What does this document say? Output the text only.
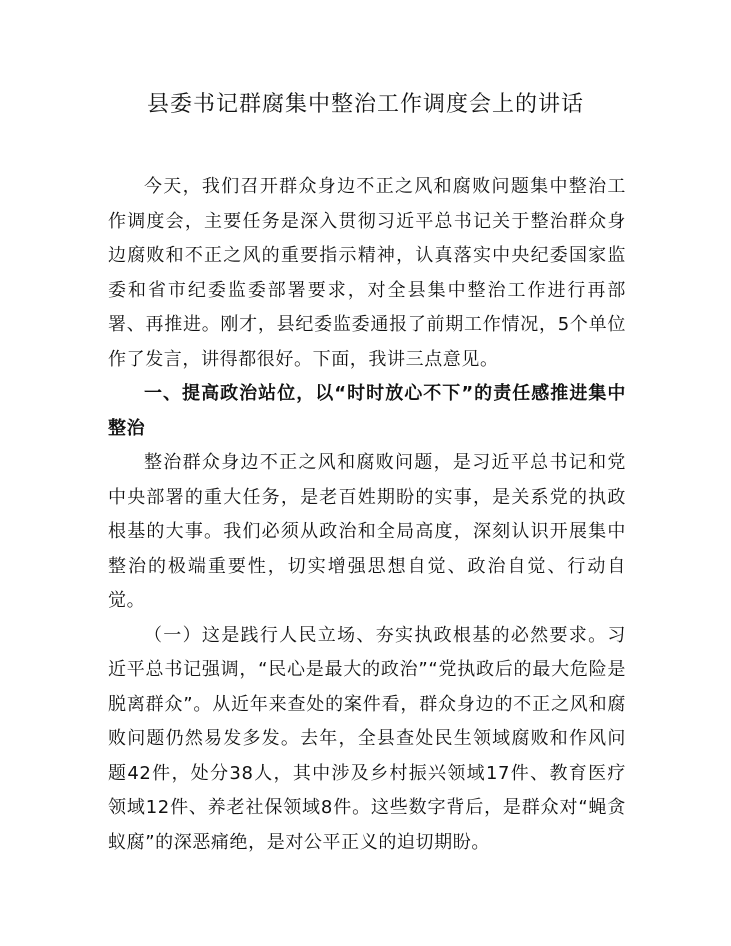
县委书记群腐集中整治工作调度会上的讲话

今天，我们召开群众身边不正之风和腐败问题集中整治工作调度会，主要任务是深入贯彻习近平总书记关于整治群众身边腐败和不正之风的重要指示精神，认真落实中央纪委国家监委和省市纪委监委部署要求，对全县集中整治工作进行再部署、再推进。刚才，县纪委监委通报了前期工作情况，5个单位作了发言，讲得都很好。下面，我讲三点意见。

一、提高政治站位，以“时时放心不下”的责任感推进集中整治

整治群众身边不正之风和腐败问题，是习近平总书记和党中央部署的重大任务，是老百姓期盼的实事，是关系党的执政根基的大事。我们必须从政治和全局高度，深刻认识开展集中整治的极端重要性，切实增强思想自觉、政治自觉、行动自觉。

（一）这是践行人民立场、夯实执政根基的必然要求。习近平总书记强调，“民心是最大的政治”“党执政后的最大危险是脱离群众”。从近年来查处的案件看，群众身边的不正之风和腐败问题仍然易发多发。去年，全县查处民生领域腐败和作风问题42件，处分38人，其中涉及乡村振兴领域17件、教育医疗领域12件、养老社保领域8件。这些数字背后，是群众对“蝇贪蚁腐”的深恶痛绝，是对公平正义的迫切期盼。
